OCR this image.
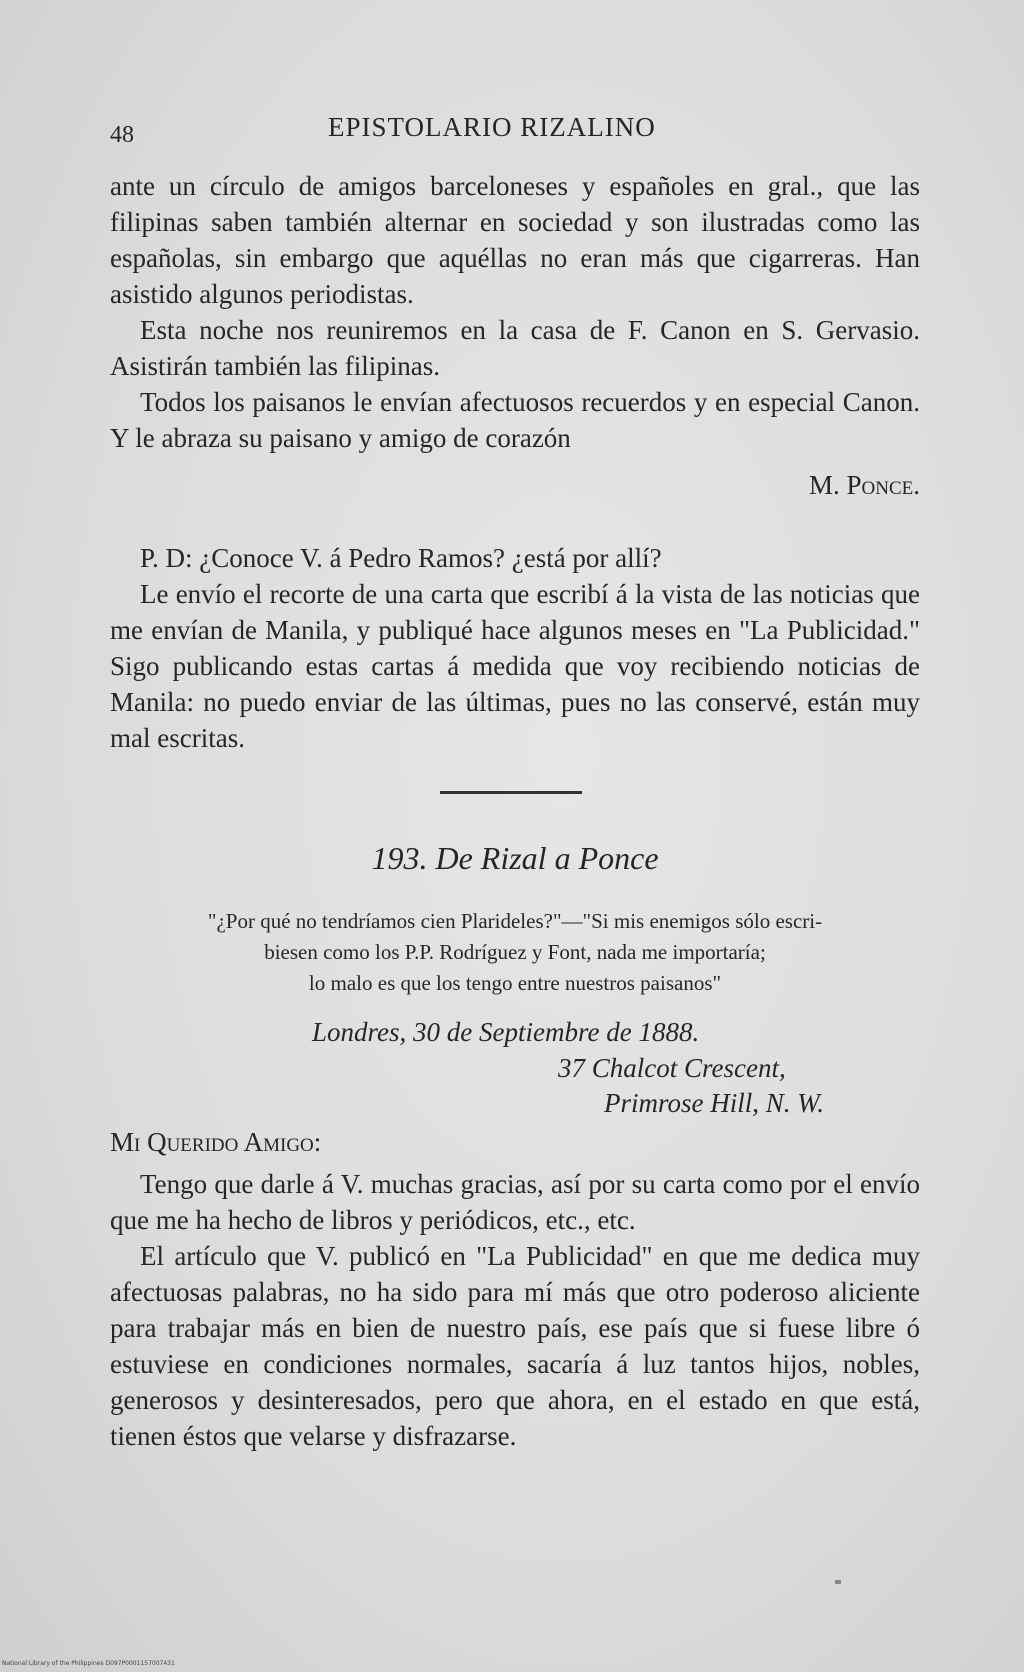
48	EPISTOLARIO RIZALINO

ante un círculo de amigos barceloneses y españoles en gral., que las filipinas saben también alternar en sociedad y son ilustradas como las españolas, sin embargo que aquéllas no eran más que cigarreras. Han asistido algunos periodistas.

Esta noche nos reuniremos en la casa de F. Canon en S. Gervasio. Asistirán también las filipinas.

Todos los paisanos le envían afectuosos recuerdos y en especial Canon. Y le abraza su paisano y amigo de corazón

M. Ponce.

P. D: ¿Conoce V. á Pedro Ramos? ¿está por allí?

Le envío el recorte de una carta que escribí á la vista de las noticias que me envían de Manila, y publiqué hace algunos meses en "La Publicidad." Sigo publicando estas cartas á medida que voy recibiendo noticias de Manila: no puedo enviar de las últimas, pues no las conservé, están muy mal escritas.

193. De Rizal a Ponce
"¿Por qué no tendríamos cien Plarideles?"—"Si mis enemigos sólo escri-
biesen como los P.P. Rodríguez y Font, nada me importaría;
lo malo es que los tengo entre nuestros paisanos"
Londres, 30 de Septiembre de 1888.
37 Chalcot Crescent,
Primrose Hill, N. W.
Mi Querido Amigo:

Tengo que darle á V. muchas gracias, así por su carta como por el envío que me ha hecho de libros y periódicos, etc., etc.

El artículo que V. publicó en "La Publicidad" en que me dedica muy afectuosas palabras, no ha sido para mí más que otro poderoso aliciente para trabajar más en bien de nuestro país, ese país que si fuese libre ó estuviese en condiciones normales, sacaría á luz tantos hijos, nobles, generosos y desinteresados, pero que ahora, en el estado en que está, tienen éstos que velarse y disfrazarse.

National Library of the Philippines D097P0001157007431
